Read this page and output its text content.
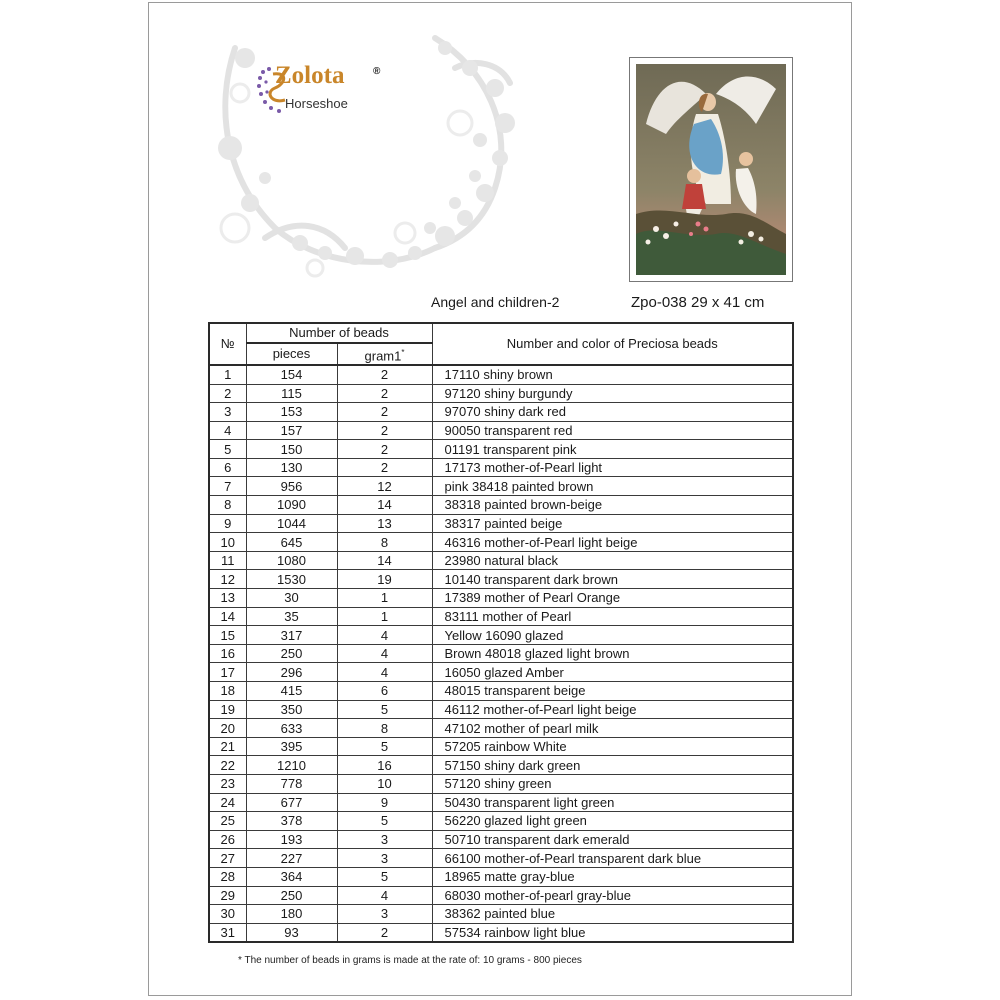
Zolota	®
Horseshoe
Angel and children-2	Zpo-038 29 x 41 cm
№	Number of beads		Number and color of Preciosa beads
	pieces	gram1*
1	154	2	17110 shiny brown
2	115	2	97120 shiny burgundy
3	153	2	97070 shiny dark red
4	157	2	90050 transparent red
5	150	2	01191 transparent pink
6	130	2	17173 mother-of-Pearl light
7	956	12	pink 38418 painted brown
8	1090	14	38318 painted brown-beige
9	1044	13	38317 painted beige
10	645	8	46316 mother-of-Pearl light beige
11	1080	14	23980 natural black
12	1530	19	10140 transparent dark brown
13	30	1	17389 mother of Pearl Orange
14	35	1	83111 mother of Pearl
15	317	4	Yellow 16090 glazed
16	250	4	Brown 48018 glazed light brown
17	296	4	16050 glazed Amber
18	415	6	48015 transparent beige
19	350	5	46112 mother-of-Pearl light beige
20	633	8	47102 mother of pearl milk
21	395	5	57205 rainbow White
22	1210	16	57150 shiny dark green
23	778	10	57120 shiny green
24	677	9	50430 transparent light green
25	378	5	56220 glazed light green
26	193	3	50710 transparent dark emerald
27	227	3	66100 mother-of-Pearl transparent dark blue
28	364	5	18965 matte gray-blue
29	250	4	68030 mother-of-pearl gray-blue
30	180	3	38362 painted blue
31	93	2	57534 rainbow light blue
* The number of beads in grams is made at the rate of: 10 grams - 800 pieces
